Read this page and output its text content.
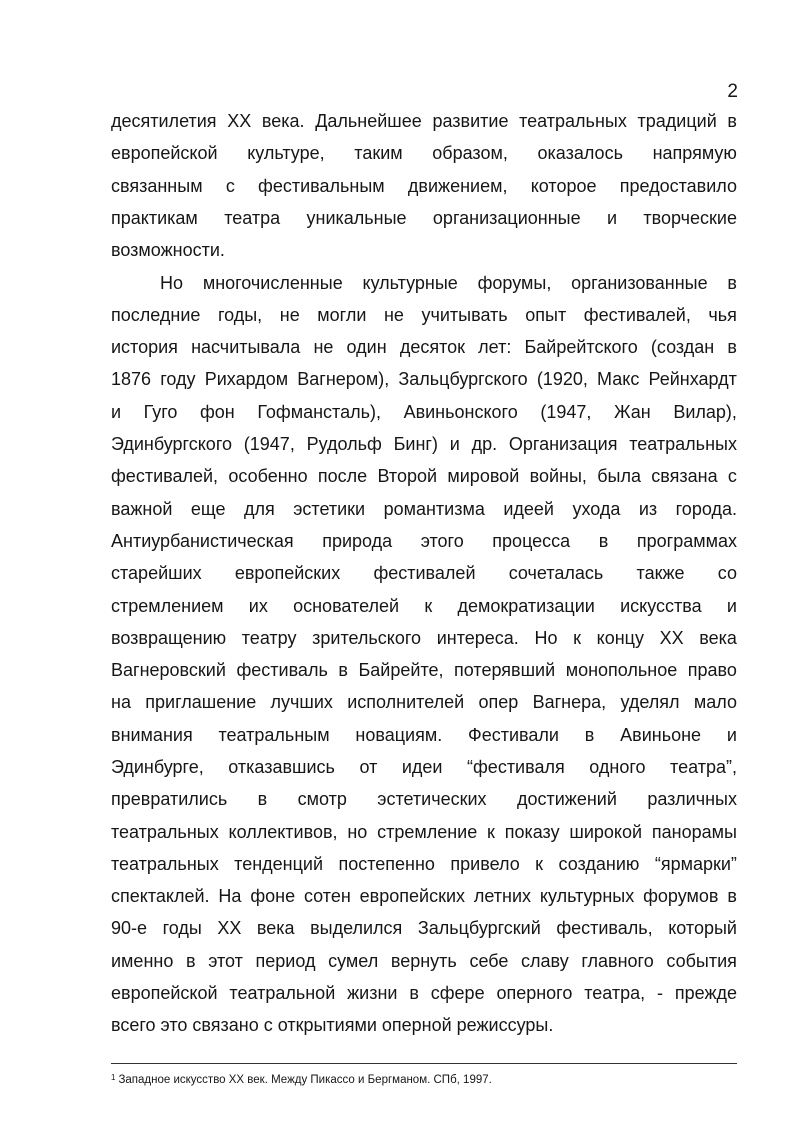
2
десятилетия XX века. Дальнейшее развитие театральных традиций в
европейской культуре, таким образом, оказалось напрямую
связанным с фестивальным движением, которое предоставило
практикам театра уникальные организационные и творческие
возможности.
Но многочисленные культурные форумы, организованные в
последние годы, не могли не учитывать опыт фестивалей, чья
история насчитывала не один десяток лет: Байрейтского (создан в
1876 году Рихардом Вагнером), Зальцбургского (1920, Макс Рейнхардт
и Гуго фон Гофмансталь), Авиньонского (1947, Жан Вилар),
Эдинбургского (1947, Рудольф Бинг) и др. Организация театральных
фестивалей, особенно после Второй мировой войны, была связана с
важной еще для эстетики романтизма идеей ухода из города.
Антиурбанистическая природа этого процесса в программах
старейших европейских фестивалей сочеталась также со
стремлением их основателей к демократизации искусства и
возвращению театру зрительского интереса. Но к концу XX века
Вагнеровский фестиваль в Байрейте, потерявший монопольное право
на приглашение лучших исполнителей опер Вагнера, уделял мало
внимания театральным новациям. Фестивали в Авиньоне и
Эдинбурге, отказавшись от идеи “фестиваля одного театра”,
превратились в смотр эстетических достижений различных
театральных коллективов, но стремление к показу широкой панорамы
театральных тенденций постепенно привело к созданию “ярмарки”
спектаклей. На фоне сотен европейских летних культурных форумов в
90-е годы XX века выделился Зальцбургский фестиваль, который
именно в этот период сумел вернуть себе славу главного события
европейской театральной жизни в сфере оперного театра, - прежде
всего это связано с открытиями оперной режиссуры.
$^1$ Западное искусство XX век. Между Пикассо и Бергманом. СПб, 1997.
